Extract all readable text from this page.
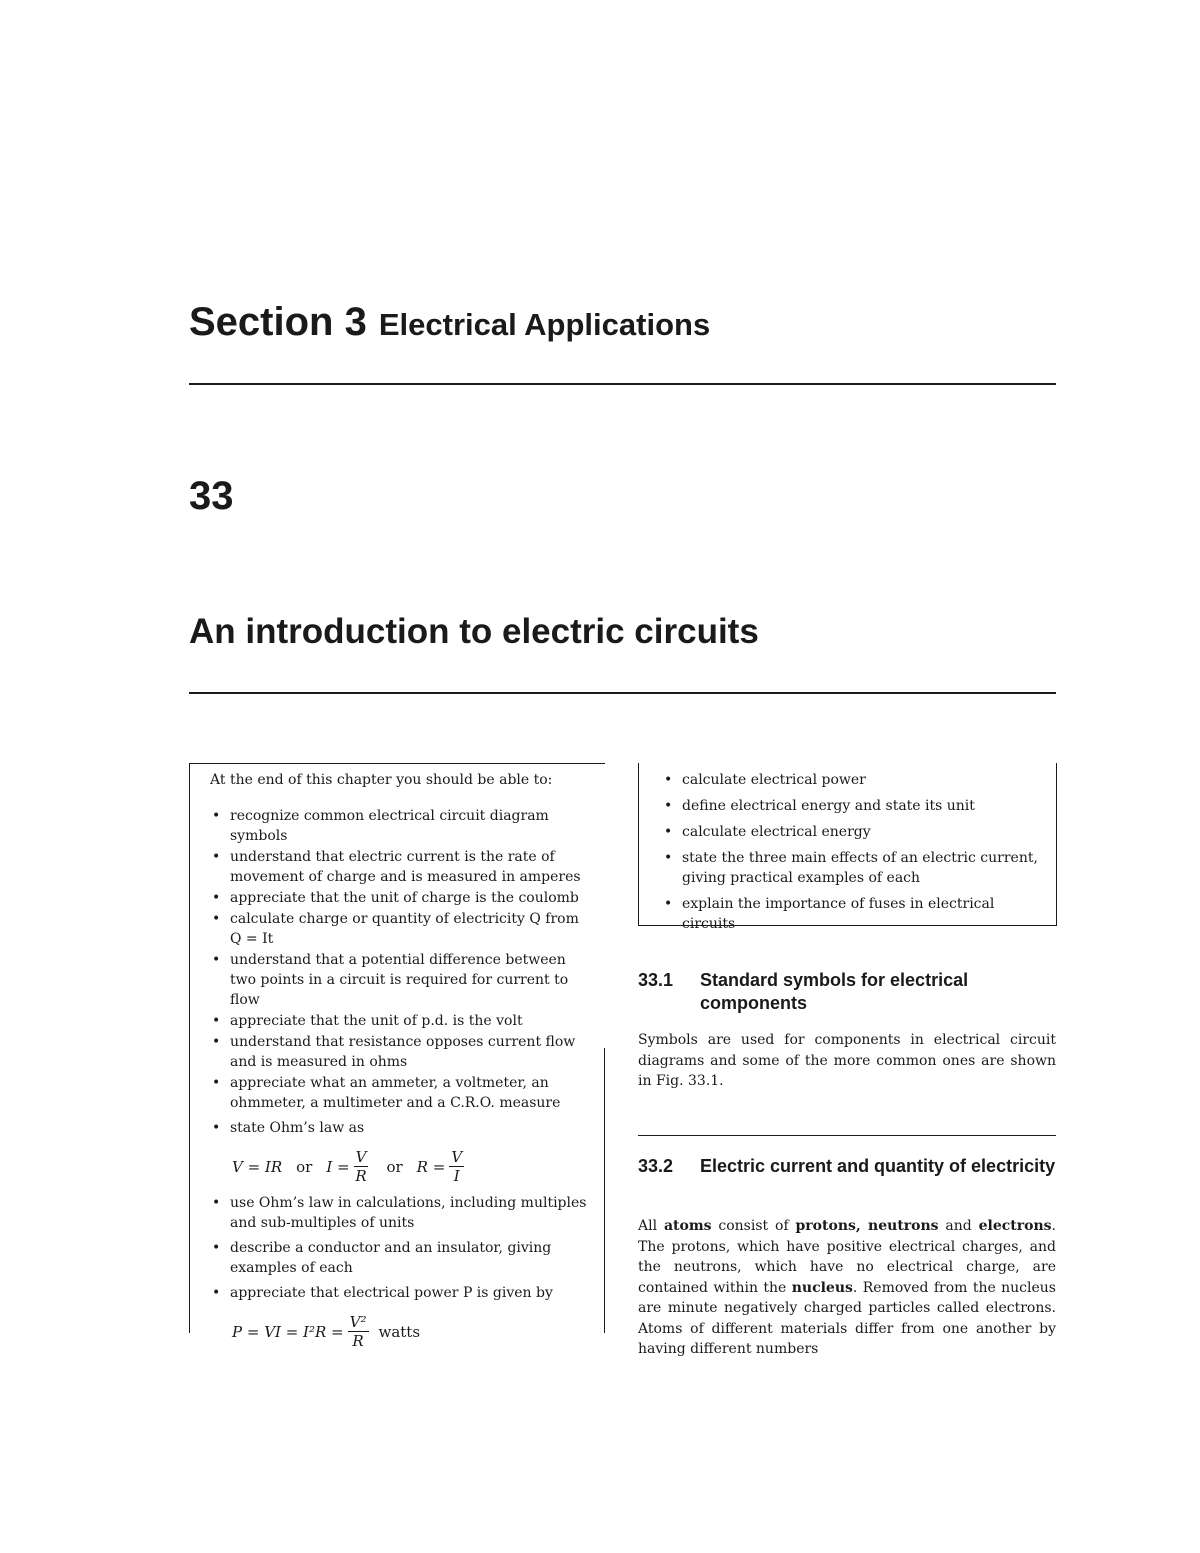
Section 3 Electrical Applications
33
An introduction to electric circuits

At the end of this chapter you should be able to:

• recognize common electrical circuit diagram symbols
• understand that electric current is the rate of movement of charge and is measured in amperes
• appreciate that the unit of charge is the coulomb
• calculate charge or quantity of electricity Q from Q = It
• understand that a potential difference between two points in a circuit is required for current to flow
• appreciate that the unit of p.d. is the volt
• understand that resistance opposes current flow and is measured in ohms
• appreciate what an ammeter, a voltmeter, an ohmmeter, a multimeter and a C.R.O. measure
• state Ohm’s law as
V = IR or $I = \frac{V}{R}$ or $R = \frac{V}{I}$
• use Ohm’s law in calculations, including multiples and sub-multiples of units
• describe a conductor and an insulator, giving examples of each
• appreciate that electrical power P is given by
P = VI = $I^2R = \frac{\text{V²}}{R}$ watts
• calculate electrical power
• define electrical energy and state its unit
• calculate electrical energy
• state the three main effects of an electric current, giving practical examples of each
• explain the importance of fuses in electrical circuits
33.1	Standard symbols for electrical components
Symbols are used for components in electrical circuit diagrams and some of the more common ones are shown in Fig. 33.1.
33.2	Electric current and quantity of electricity
All atoms consist of protons, neutrons and electrons. The protons, which have positive electrical charges, and the neutrons, which have no electrical charge, are contained within the nucleus. Removed from the nucleus are minute negatively charged particles called electrons. Atoms of different materials differ from one another by having different numbers
